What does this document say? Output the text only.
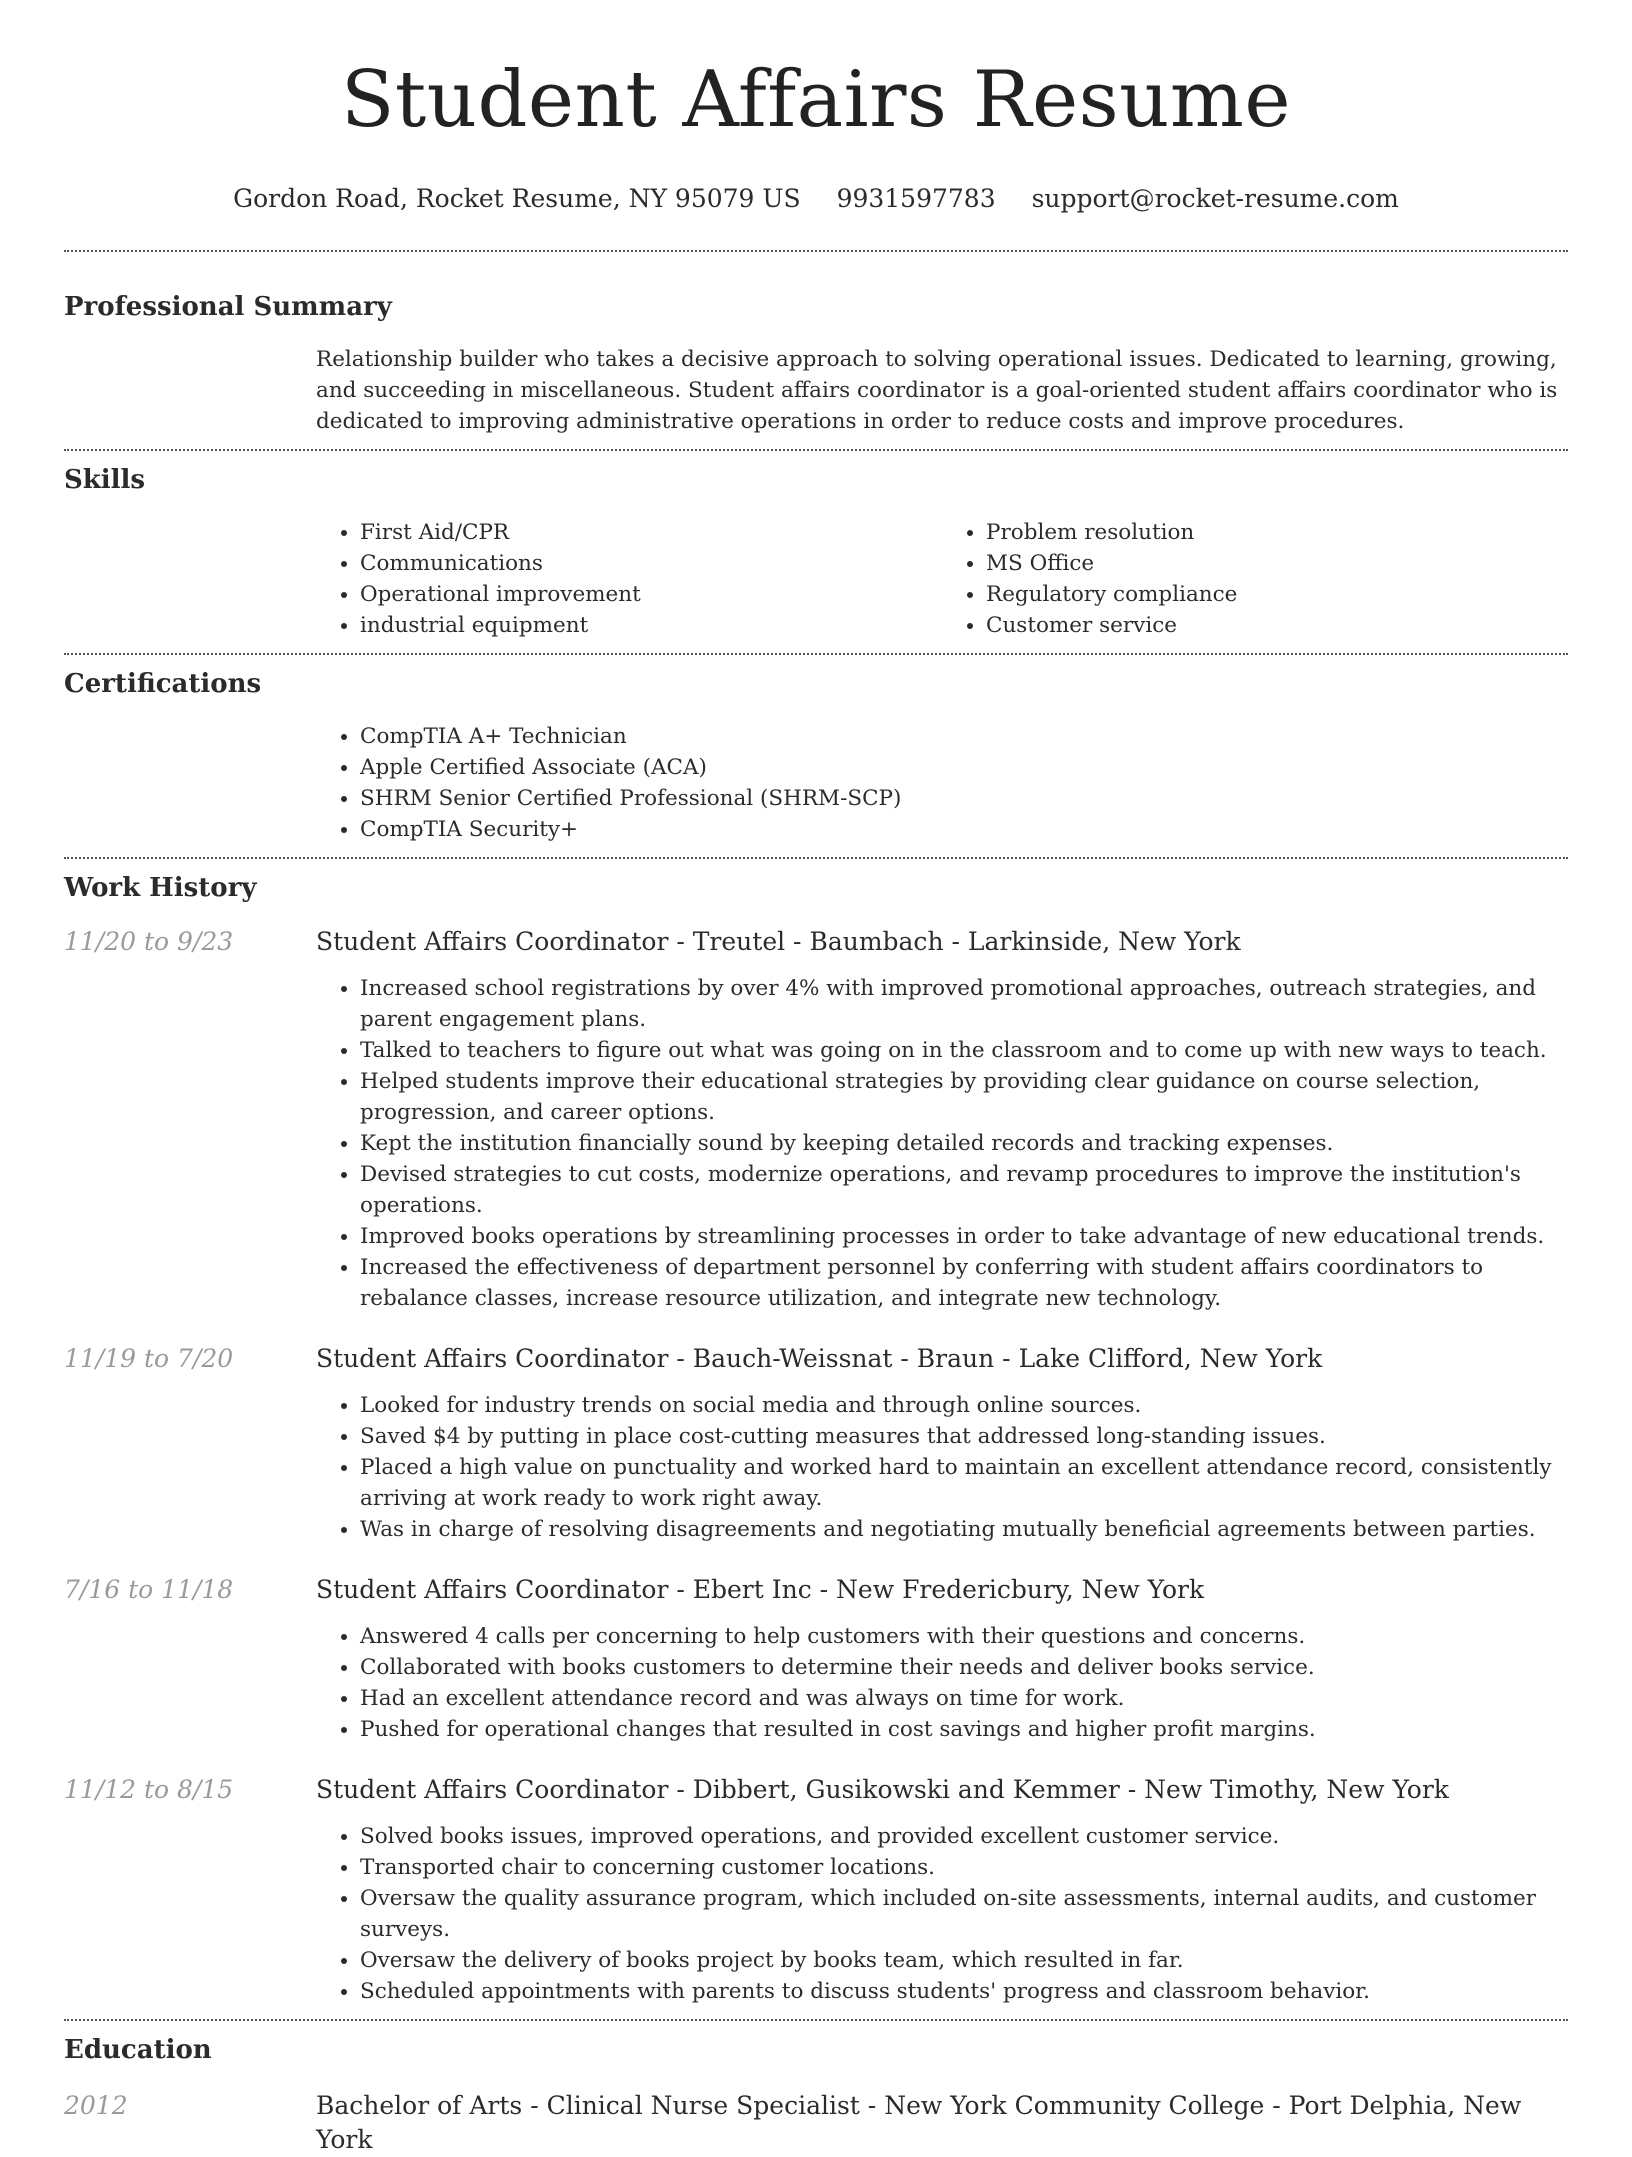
Student Affairs Resume
Gordon Road, Rocket Resume, NY 95079 US 9931597783 support@rocket-resume.com
Professional Summary

Relationship builder who takes a decisive approach to solving operational issues. Dedicated to learning, growing, and succeeding in miscellaneous. Student affairs coordinator is a goal-oriented student affairs coordinator who is dedicated to improving administrative operations in order to reduce costs and improve procedures.

Skills
• First Aid/CPR
• Communications
• Operational improvement
• industrial equipment
• Problem resolution
• MS Office
• Regulatory compliance
• Customer service
Certifications
• CompTIA A+ Technician
• Apple Certified Associate (ACA)
• SHRM Senior Certified Professional (SHRM-SCP)
• CompTIA Security+
Work History
11/20 to 9/23	Student Affairs Coordinator - Treutel - Baumbach - Larkinside, New York
• Increased school registrations by over 4% with improved promotional approaches, outreach strategies, and parent engagement plans.
• Talked to teachers to figure out what was going on in the classroom and to come up with new ways to teach.
• Helped students improve their educational strategies by providing clear guidance on course selection, progression, and career options.
• Kept the institution financially sound by keeping detailed records and tracking expenses.
• Devised strategies to cut costs, modernize operations, and revamp procedures to improve the institution's operations.
• Improved books operations by streamlining processes in order to take advantage of new educational trends.
• Increased the effectiveness of department personnel by conferring with student affairs coordinators to rebalance classes, increase resource utilization, and integrate new technology.
11/19 to 7/20	Student Affairs Coordinator - Bauch-Weissnat - Braun - Lake Clifford, New York
• Looked for industry trends on social media and through online sources.
• Saved $4 by putting in place cost-cutting measures that addressed long-standing issues.
• Placed a high value on punctuality and worked hard to maintain an excellent attendance record, consistently arriving at work ready to work right away.
• Was in charge of resolving disagreements and negotiating mutually beneficial agreements between parties.
7/16 to 11/18	Student Affairs Coordinator - Ebert Inc - New Fredericbury, New York
• Answered 4 calls per concerning to help customers with their questions and concerns.
• Collaborated with books customers to determine their needs and deliver books service.
• Had an excellent attendance record and was always on time for work.
• Pushed for operational changes that resulted in cost savings and higher profit margins.
11/12 to 8/15	Student Affairs Coordinator - Dibbert, Gusikowski and Kemmer - New Timothy, New York
• Solved books issues, improved operations, and provided excellent customer service.
• Transported chair to concerning customer locations.
• Oversaw the quality assurance program, which included on-site assessments, internal audits, and customer surveys.
• Oversaw the delivery of books project by books team, which resulted in far.
• Scheduled appointments with parents to discuss students' progress and classroom behavior.
Education
2012	Bachelor of Arts - Clinical Nurse Specialist - New York Community College - Port Delphia, New York
